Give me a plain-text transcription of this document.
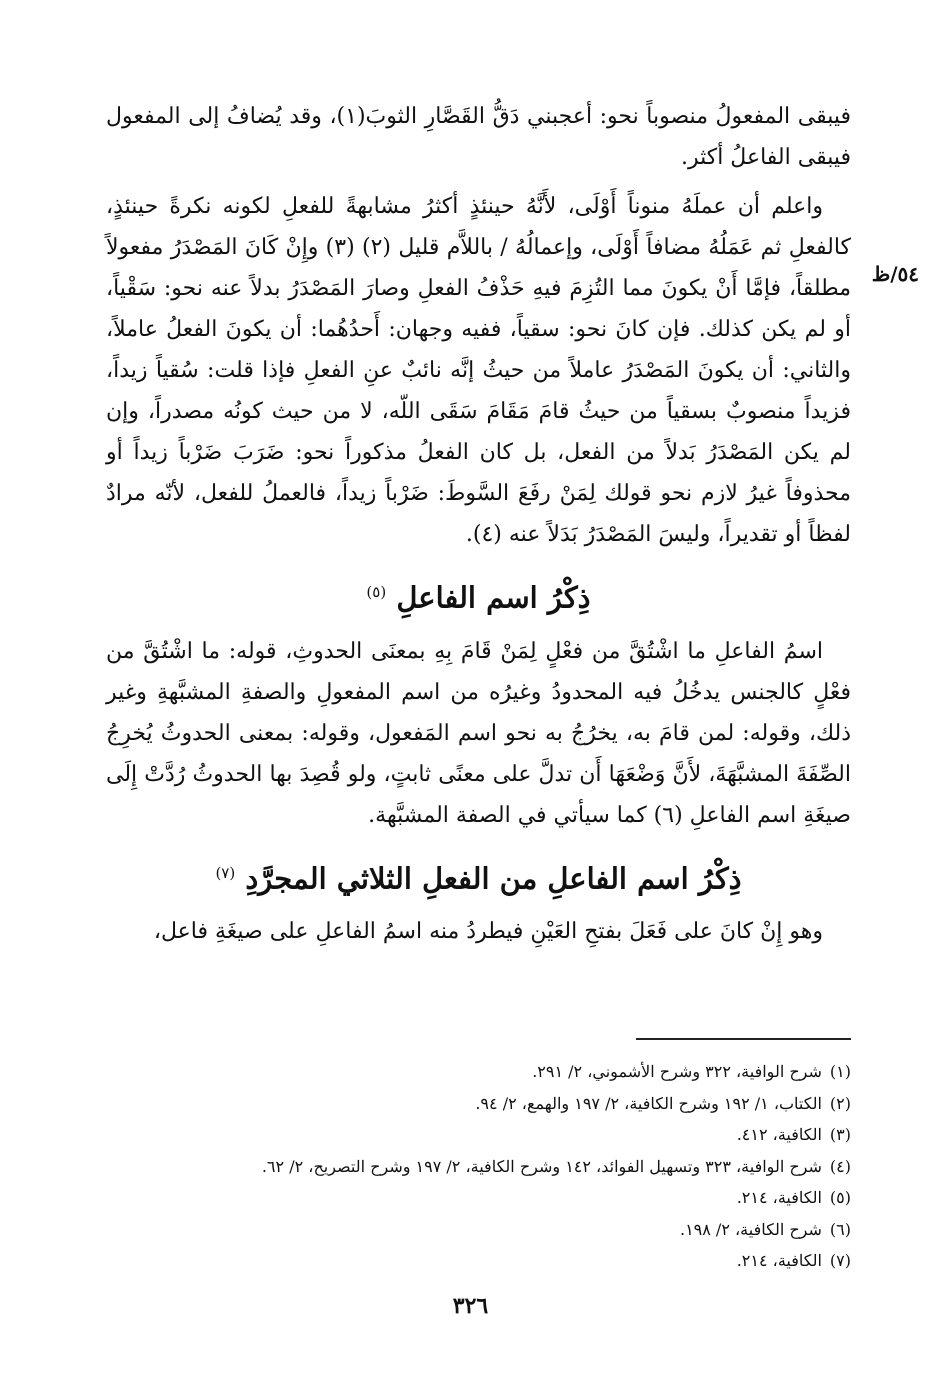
٥٤/ظ

فيبقى المفعولُ منصوباً نحو: أعجبني دَقُّ القَصَّارِ الثوبَ(١)، وقد يُضافُ إلى المفعول فيبقى الفاعلُ أكثر.

واعلم أن عملَهُ منوناً أَوْلَى، لأَنَّهُ حينئذٍ أكثرُ مشابهةً للفعلِ لكونه نكرةً حينئذٍ، كالفعلِ ثم عَمَلُهُ مضافاً أَوْلَى، وإعمالُهُ / باللاَّم قليل (٢) (٣) وإِنْ كَانَ المَصْدَرُ مفعولاً مطلقاً، فإمَّا أَنْ يكونَ مما التُزِمَ فيهِ حَذْفُ الفعلِ وصارَ المَصْدَرُ بدلاً عنه نحو: سَقْياً، أو لم يكن كذلك. فإن كانَ نحو: سقياً، ففيه وجهان: أَحدُهُما: أن يكونَ الفعلُ عاملاً، والثاني: أن يكونَ المَصْدَرُ عاملاً من حيثُ إنَّه نائبٌ عنِ الفعلِ فإذا قلت: سُقياً زيداً، فزيداً منصوبٌ بسقياً من حيثُ قامَ مَقَامَ سَقَى اللّه، لا من حيث كونُه مصدراً، وإن لم يكن المَصْدَرُ بَدلاً من الفعل، بل كان الفعلُ مذكوراً نحو: ضَرَبَ ضَرْباً زيداً أو محذوفاً غيرُ لازم نحو قولك لِمَنْ رفَعَ السَّوطَ: ضَرْباً زيداً، فالعملُ للفعل، لأنّه مرادٌ لفظاً أو تقديراً، وليسَ المَصْدَرُ بَدَلاً عنه (٤).

ذِكْرُ اسم الفاعلِ $^{(٥)}$

اسمُ الفاعلِ ما اشْتُقَّ من فعْلٍ لِمَنْ قَامَ بِهِ بمعنَى الحدوثِ، قوله: ما اشْتُقَّ من فعْلٍ كالجنس يدخُلُ فيه المحدودُ وغيرُه من اسم المفعولِ والصفةِ المشبَّهةِ وغير ذلك، وقوله: لمن قامَ به، يخرُجُ به نحو اسم المَفعول، وقوله: بمعنى الحدوثُ يُخرِجُ الصِّفَةَ المشبَّهَةَ، لأَنَّ وَضْعَهَا أَن تدلَّ على معنًى ثابتٍ، ولو قُصِدَ بها الحدوثُ رُدَّتْ إِلَى صيغَةِ اسم الفاعلِ (٦) كما سيأتي في الصفة المشبَّهة.

ذِكْرُ اسم الفاعلِ من الفعلِ الثلاثي المجرَّدِ $^{(٧)}$

وهو إِنْ كانَ على فَعَلَ بفتحِ العَيْنِ فيطردُ منه اسمُ الفاعلِ على صيغَةِ فاعل،

(١)شرح الوافية، ٣٢٢ وشرح الأشموني، ٢/ ٢٩١.

(٢)الكتاب، ١/ ١٩٢ وشرح الكافية، ٢/ ١٩٧ والهمع، ٢/ ٩٤.

(٣)الكافية، ٤١٢.

(٤)شرح الوافية، ٣٢٣ وتسهيل الفوائد، ١٤٢ وشرح الكافية، ٢/ ١٩٧ وشرح التصريح، ٢/ ٦٢.

(٥)الكافية، ٢١٤.

(٦)شرح الكافية، ٢/ ١٩٨.

(٧)الكافية، ٢١٤.

٣٢٦
